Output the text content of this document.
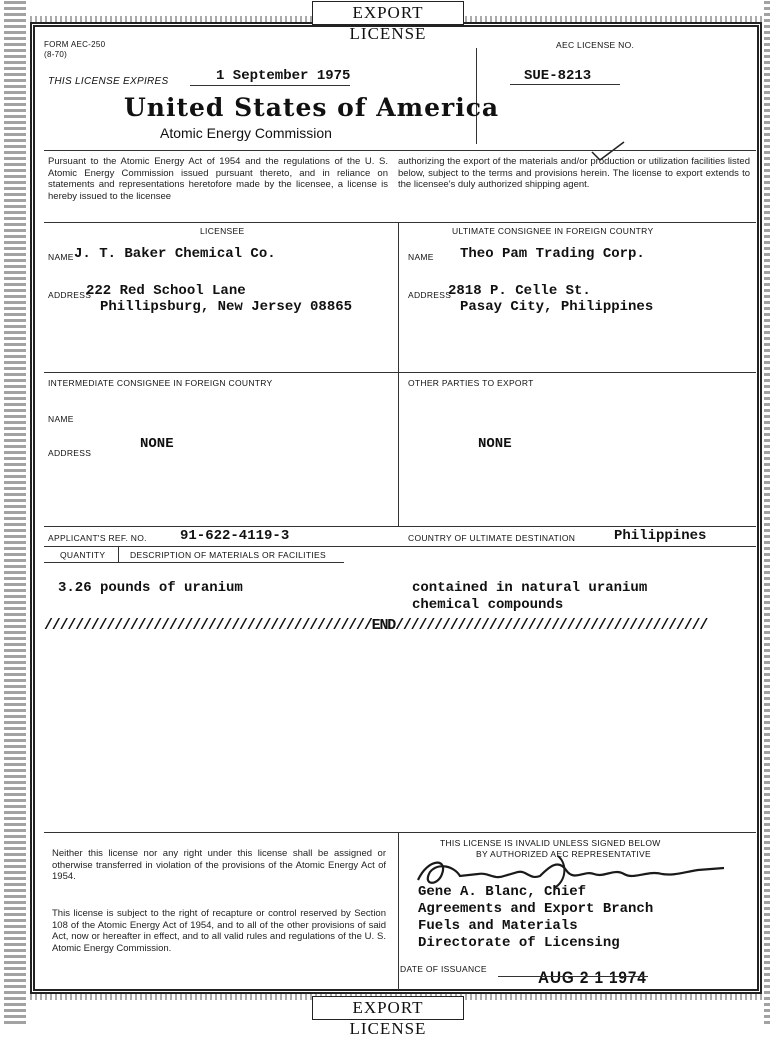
EXPORT LICENSE
EXPORT LICENSE
FORM AEC-250
(8-70)
AEC LICENSE NO.
SUE-8213
THIS LICENSE EXPIRES	1 September 1975
United States of America
Atomic Energy Commission
Pursuant to the Atomic Energy Act of 1954 and the regulations of the U. S. Atomic Energy Commission issued pursuant thereto, and in reliance on statements and representations heretofore made by the licensee, a license is hereby issued to the licensee
authorizing the export of the materials and/or production or utilization facilities listed below, subject to the terms and provisions herein. The license to export extends to the licensee's duly authorized shipping agent.
LICENSEE
NAME J. T. Baker Chemical Co.
ADDRESS
222 Red School Lane
Phillipsburg, New Jersey 08865
ULTIMATE CONSIGNEE IN FOREIGN COUNTRY
NAME Theo Pam Trading Corp.
ADDRESS
2818 P. Celle St.
Pasay City, Philippines
INTERMEDIATE CONSIGNEE IN FOREIGN COUNTRY
NAME
ADDRESS
NONE
OTHER PARTIES TO EXPORT
NONE
APPLICANT'S REF. NO. 91-622-4119-3	COUNTRY OF ULTIMATE DESTINATION	Philippines
QUANTITY	DESCRIPTION OF MATERIALS OR FACILITIES
3.26 pounds of uranium	contained in natural uranium
chemical compounds
//////////////////////////////////////////END////////////////////////////////////////
Neither this license nor any right under this license shall be assigned or otherwise transferred in violation of the provisions of the Atomic Energy Act of 1954.
This license is subject to the right of recapture or control reserved by Section 108 of the Atomic Energy Act of 1954, and to all of the other provisions of said Act, now or hereafter in effect, and to all valid rules and regulations of the U. S. Atomic Energy Commission.
THIS LICENSE IS INVALID UNLESS SIGNED BELOW
BY AUTHORIZED AEC REPRESENTATIVE
Gene A. Blanc, Chief
Agreements and Export Branch
Fuels and Materials
Directorate of Licensing
DATE OF ISSUANCE	AUG 2 1 1974
